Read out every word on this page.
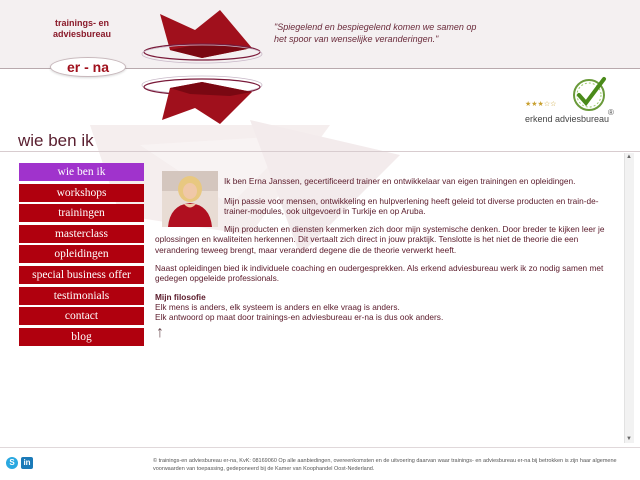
trainings- en
adviesbureau
er - na
"Spiegelend en bespiegelend komen we samen op het spoor van wenselijke veranderingen."
★★★☆☆
®
erkend adviesbureau
wie ben ik
wie ben ik
workshops
trainingen
masterclass
opleidingen
special business offer
testimonials
contact
blog

Ik ben Erna Janssen, gecertificeerd trainer en ontwikkelaar van eigen trainingen en opleidingen.

Mijn passie voor mensen, ontwikkeling en hulpverlening heeft geleid tot diverse producten en train-de-trainer-modules, ook uitgevoerd in Turkije en op Aruba.

Mijn producten en diensten kenmerken zich door mijn systemische denken. Door breder te kijken leer je oplossingen en kwaliteiten herkennen. Dit vertaalt zich direct in jouw praktijk. Tenslotte is het niet de theorie die een verandering teweeg brengt, maar veranderd degene die de theorie verwerkt heeft.

Naast opleidingen bied ik individuele coaching en oudergesprekken. Als erkend adviesbureau werk ik zo nodig samen met gedegen opgeleide professionals.

Mijn filosofie

Elk mens is anders, elk systeem is anders en elke vraag is anders.

Elk antwoord op maat door trainings-en adviesbureau er-na is dus ook anders.

↑
▲
▼
S	in	© trainings-en adviesbureau er-na, KvK: 08169060 Op alle aanbiedingen, overeenkomsten en de uitvoering daarvan waar trainings- en adviesbureau er-na bij betrokken is zijn haar algemene voorwaarden van toepassing, gedeponeerd bij de Kamer van Koophandel Oost-Nederland.
